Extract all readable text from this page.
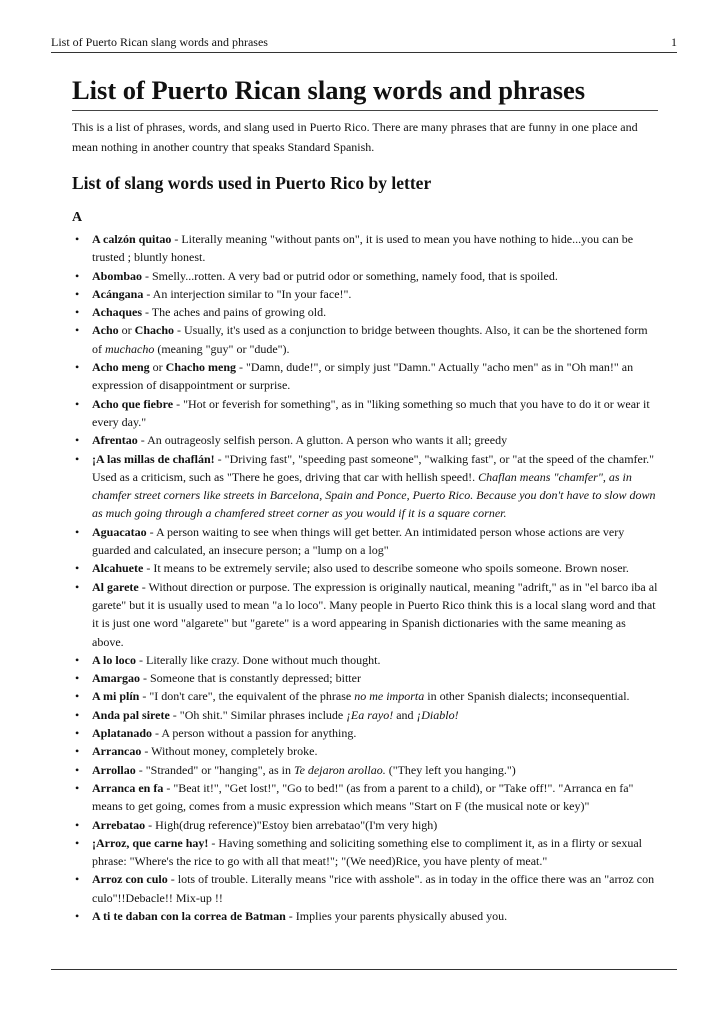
List of Puerto Rican slang words and phrases	1
List of Puerto Rican slang words and phrases

This is a list of phrases, words, and slang used in Puerto Rico. There are many phrases that are funny in one place and mean nothing in another country that speaks Standard Spanish.

List of slang words used in Puerto Rico by letter
A
• A calzón quitao - Literally meaning "without pants on", it is used to mean you have nothing to hide...you can be trusted ; bluntly honest.
• Abombao - Smelly...rotten. A very bad or putrid odor or something, namely food, that is spoiled.
• Acángana - An interjection similar to "In your face!".
• Achaques - The aches and pains of growing old.
• Acho or Chacho - Usually, it's used as a conjunction to bridge between thoughts. Also, it can be the shortened form of muchacho (meaning "guy" or "dude").
• Acho meng or Chacho meng - "Damn, dude!", or simply just "Damn." Actually "acho men" as in "Oh man!" an expression of disappointment or surprise.
• Acho que fiebre - "Hot or feverish for something", as in "liking something so much that you have to do it or wear it every day."
• Afrentao - An outrageosly selfish person. A glutton. A person who wants it all; greedy
• ¡A las millas de chaflán! - "Driving fast", "speeding past someone", "walking fast", or "at the speed of the chamfer." Used as a criticism, such as "There he goes, driving that car with hellish speed!. Chaflan means "chamfer", as in chamfer street corners like streets in Barcelona, Spain and Ponce, Puerto Rico. Because you don't have to slow down as much going through a chamfered street corner as you would if it is a square corner.
• Aguacatao - A person waiting to see when things will get better. An intimidated person whose actions are very guarded and calculated, an insecure person; a "lump on a log"
• Alcahuete - It means to be extremely servile; also used to describe someone who spoils someone. Brown noser.
• Al garete - Without direction or purpose. The expression is originally nautical, meaning "adrift," as in "el barco iba al garete" but it is usually used to mean "a lo loco". Many people in Puerto Rico think this is a local slang word and that it is just one word "algarete" but "garete" is a word appearing in Spanish dictionaries with the same meaning as above.
• A lo loco - Literally like crazy. Done without much thought.
• Amargao - Someone that is constantly depressed; bitter
• A mi plín - "I don't care", the equivalent of the phrase no me importa in other Spanish dialects; inconsequential.
• Anda pal sirete - "Oh shit." Similar phrases include ¡Ea rayo! and ¡Diablo!
• Aplatanado - A person without a passion for anything.
• Arrancao - Without money, completely broke.
• Arrollao - "Stranded" or "hanging", as in Te dejaron arollao. ("They left you hanging.")
• Arranca en fa - "Beat it!", "Get lost!", "Go to bed!" (as from a parent to a child), or "Take off!". "Arranca en fa" means to get going, comes from a music expression which means "Start on F (the musical note or key)"
• Arrebatao - High(drug reference)"Estoy bien arrebatao"(I'm very high)
• ¡Arroz, que carne hay! - Having something and soliciting something else to compliment it, as in a flirty or sexual phrase: "Where's the rice to go with all that meat!"; "(We need)Rice, you have plenty of meat."
• Arroz con culo - lots of trouble. Literally means "rice with asshole". as in today in the office there was an "arroz con culo"!!Debacle!! Mix-up !!
• A ti te daban con la correa de Batman - Implies your parents physically abused you.
